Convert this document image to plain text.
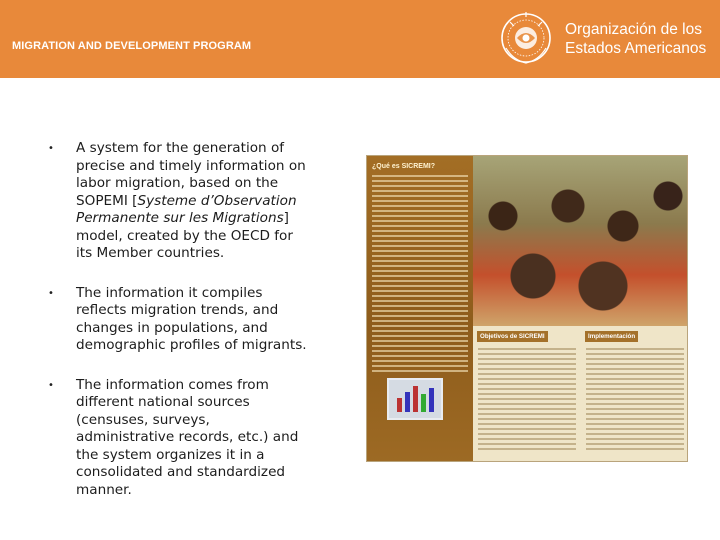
MIGRATION AND DEVELOPMENT PROGRAM
Organización de los
Estados Americanos
•	A system for the generation of precise and timely information on labor migration, based on the SOPEMI [Systeme d’Observation Permanente sur les Migrations] model, created by the OECD for its Member countries.
•	The information it compiles reflects migration trends, and changes in populations, and demographic profiles of migrants.
•	The information comes from different national sources (censuses, surveys, administrative records, etc.) and the system organizes it in a consolidated and standardized manner.
¿Qué es SICREMI?
Objetivos de SICREMI	Implementación
